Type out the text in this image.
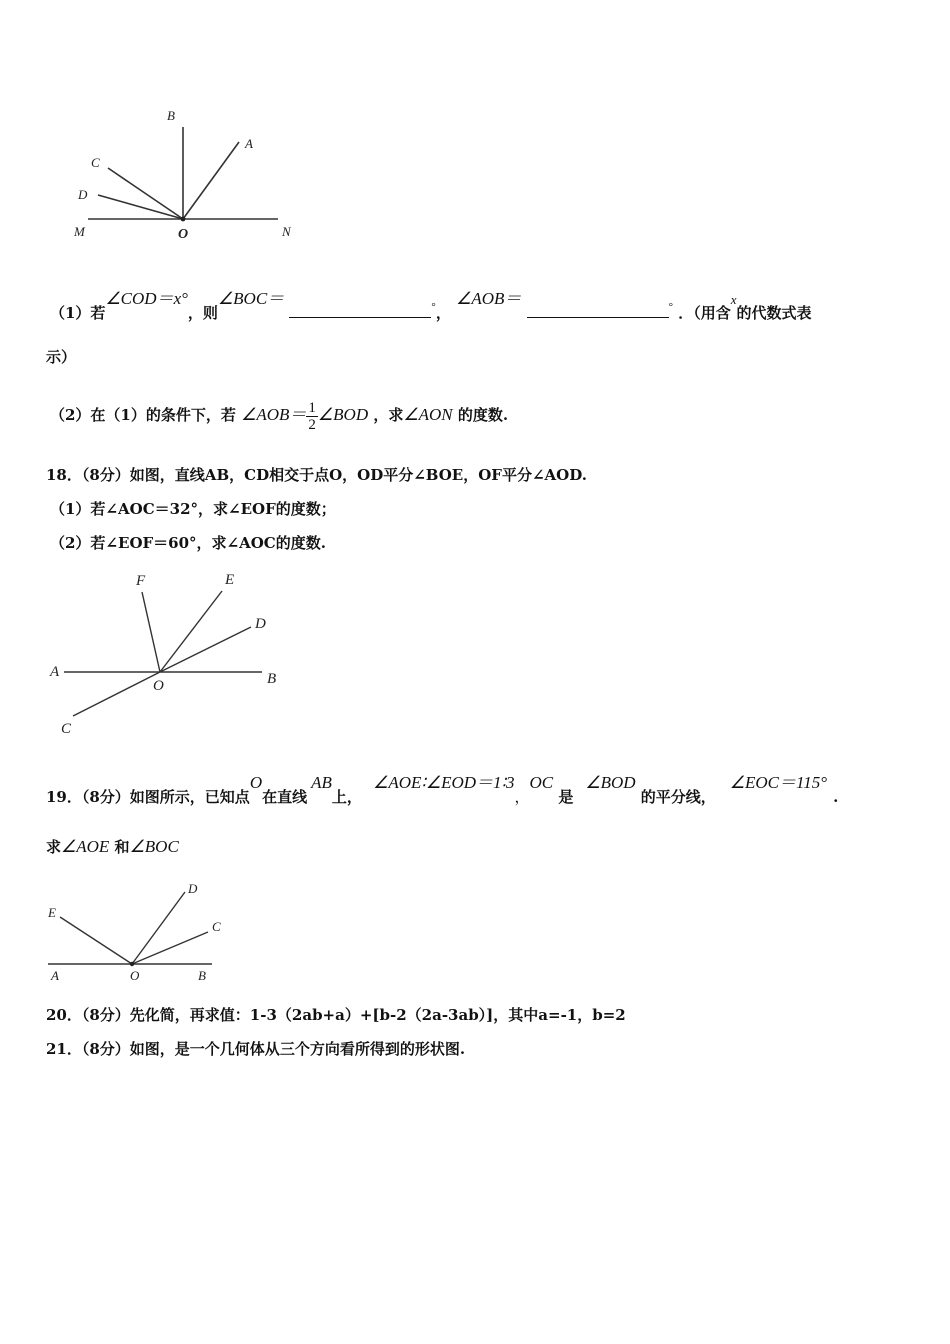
B
A
C
D
M	O	N
（1）若∠COD＝x°，则∠BOC＝	°， ∠AOB＝	° ．（用含x的代数式表
示）
（2）在（1）的条件下，若 ∠AOB＝ $\frac{1}{2}$ ∠BOD ，求∠AON 的度数.
18．（8分）如图，直线AB，CD相交于点O，OD平分∠BOE，OF平分∠AOD.
（1）若∠AOC＝32°，求∠EOF的度数；
（2）若∠EOF＝60°，求∠AOC的度数.
F	E
D
A
O	B
C
19．（8分）如图所示，已知点O在直线AB上， ∠AOE∶∠EOD＝1∶3，OC 是∠BOD 的平分线，∠EOC＝115°.
求∠AOE 和∠BOC
E
D
C
A	O	B
20．（8分）先化简，再求值：1-3（2ab+a）+[b-2（2a-3ab）]，其中a=-1，b=2
21．（8分）如图，是一个几何体从三个方向看所得到的形状图.
